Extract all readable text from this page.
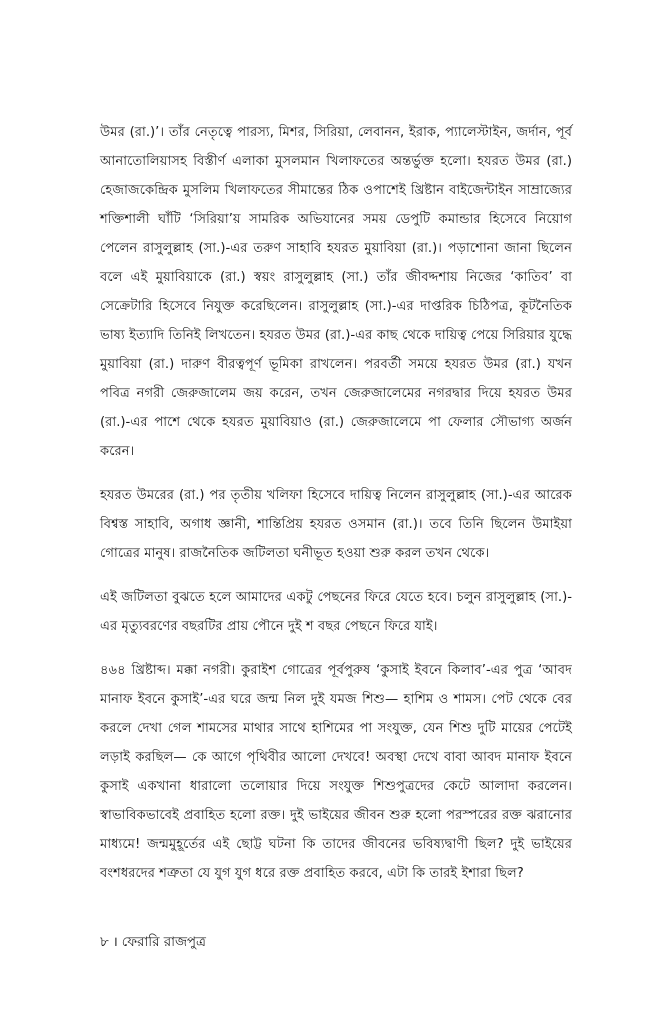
উমর (রা.)’। তাঁর নেতৃত্বে পারস্য, মিশর, সিরিয়া, লেবানন, ইরাক, প্যালেস্টাইন, জর্দান, পূর্ব আনাতোলিয়াসহ বিস্তীর্ণ এলাকা মুসলমান খিলাফতের অন্তর্ভুক্ত হলো। হযরত উমর (রা.) হেজাজকেন্দ্রিক মুসলিম খিলাফতের সীমান্তের ঠিক ওপাশেই খ্রিষ্টান বাইজেন্টাইন সাম্রাজ্যের শক্তিশালী ঘাঁটি ‘সিরিয়া’য় সামরিক অভিযানের সময় ডেপুটি কমান্ডার হিসেবে নিয়োগ পেলেন রাসুলুল্লাহ (সা.)-এর তরুণ সাহাবি হযরত মুয়াবিয়া (রা.)। পড়াশোনা জানা ছিলেন বলে এই মুয়াবিয়াকে (রা.) স্বয়ং রাসুলুল্লাহ (সা.) তাঁর জীবদ্দশায় নিজের ‘কাতিব’ বা সেক্রেটারি হিসেবে নিযুক্ত করেছিলেন। রাসুলুল্লাহ (সা.)-এর দাপ্তরিক চিঠিপত্র, কূটনৈতিক ভাষ্য ইত্যাদি তিনিই লিখতেন। হযরত উমর (রা.)-এর কাছ থেকে দায়িত্ব পেয়ে সিরিয়ার যুদ্ধে মুয়াবিয়া (রা.) দারুণ বীরত্বপূর্ণ ভূমিকা রাখলেন। পরবর্তী সময়ে হযরত উমর (রা.) যখন পবিত্র নগরী জেরুজালেম জয় করেন, তখন জেরুজালেমের নগরদ্বার দিয়ে হযরত উমর (রা.)-এর পাশে থেকে হযরত মুয়াবিয়াও (রা.) জেরুজালেমে পা ফেলার সৌভাগ্য অর্জন করেন।

হযরত উমরের (রা.) পর তৃতীয় খলিফা হিসেবে দায়িত্ব নিলেন রাসুলুল্লাহ (সা.)-এর আরেক বিশ্বস্ত সাহাবি, অগাধ জ্ঞানী, শান্তিপ্রিয় হযরত ওসমান (রা.)। তবে তিনি ছিলেন উমাইয়া গোত্রের মানুষ। রাজনৈতিক জটিলতা ঘনীভূত হওয়া শুরু করল তখন থেকে।

এই জটিলতা বুঝতে হলে আমাদের একটু পেছনের ফিরে যেতে হবে। চলুন রাসুলুল্লাহ (সা.)-এর মৃত্যুবরণের বছরটির প্রায় পৌনে দুই শ বছর পেছনে ফিরে যাই।

৪৬৪ খ্রিষ্টাব্দ। মক্কা নগরী। কুরাইশ গোত্রের পূর্বপুরুষ ‘কুসাই ইবনে কিলাব’-এর পুত্র ‘আবদ মানাফ ইবনে কুসাই’-এর ঘরে জন্ম নিল দুই যমজ শিশু— হাশিম ও শামস। পেট থেকে বের করলে দেখা গেল শামসের মাথার সাথে হাশিমের পা সংযুক্ত, যেন শিশু দুটি মায়ের পেটেই লড়াই করছিল— কে আগে পৃথিবীর আলো দেখবে! অবস্থা দেখে বাবা আবদ মানাফ ইবনে কুসাই একখানা ধারালো তলোয়ার দিয়ে সংযুক্ত শিশুপুত্রদের কেটে আলাদা করলেন। স্বাভাবিকভাবেই প্রবাহিত হলো রক্ত। দুই ভাইয়ের জীবন শুরু হলো পরস্পরের রক্ত ঝরানোর মাধ্যমে! জন্মমুহূর্তের এই ছোট্ট ঘটনা কি তাদের জীবনের ভবিষ্যদ্বাণী ছিল? দুই ভাইয়ের বংশধরদের শত্রুতা যে যুগ যুগ ধরে রক্ত প্রবাহিত করবে, এটা কি তারই ইশারা ছিল?

৮ । ফেরারি রাজপুত্র
